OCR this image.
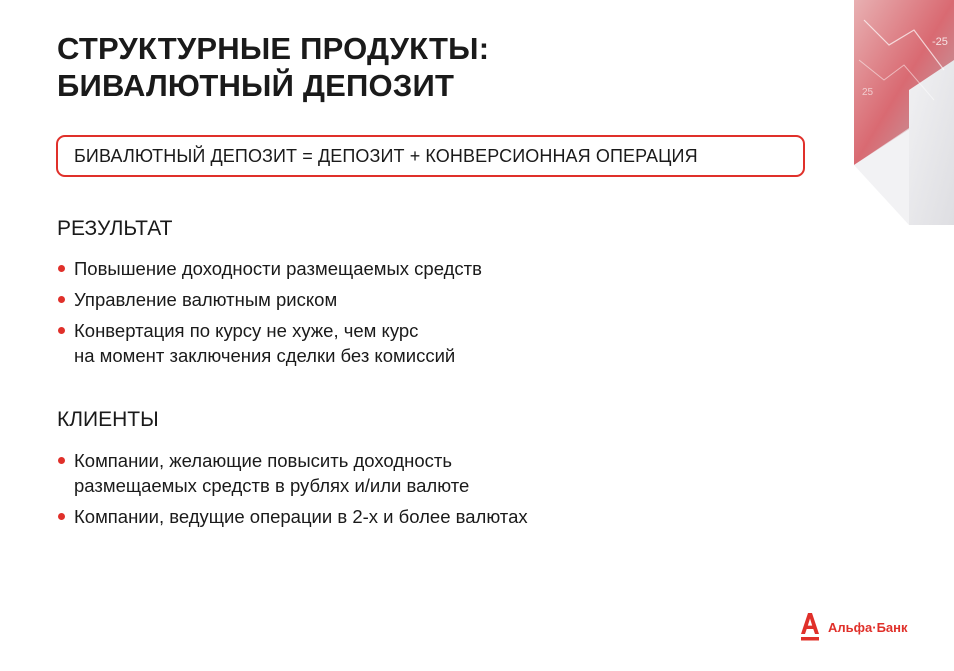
-25
25
СТРУКТУРНЫЕ ПРОДУКТЫ:
БИВАЛЮТНЫЙ ДЕПОЗИТ
БИВАЛЮТНЫЙ ДЕПОЗИТ = ДЕПОЗИТ + КОНВЕРСИОННАЯ ОПЕРАЦИЯ
РЕЗУЛЬТАТ
Повышение доходности размещаемых средств
Управление валютным риском
Конвертация по курсу не хуже, чем курс
на момент заключения сделки без комиссий
КЛИЕНТЫ
Компании, желающие повысить доходность
размещаемых средств в рублях и/или валюте
Компании, ведущие операции в 2-х и более валютах
Альфа·Банк
